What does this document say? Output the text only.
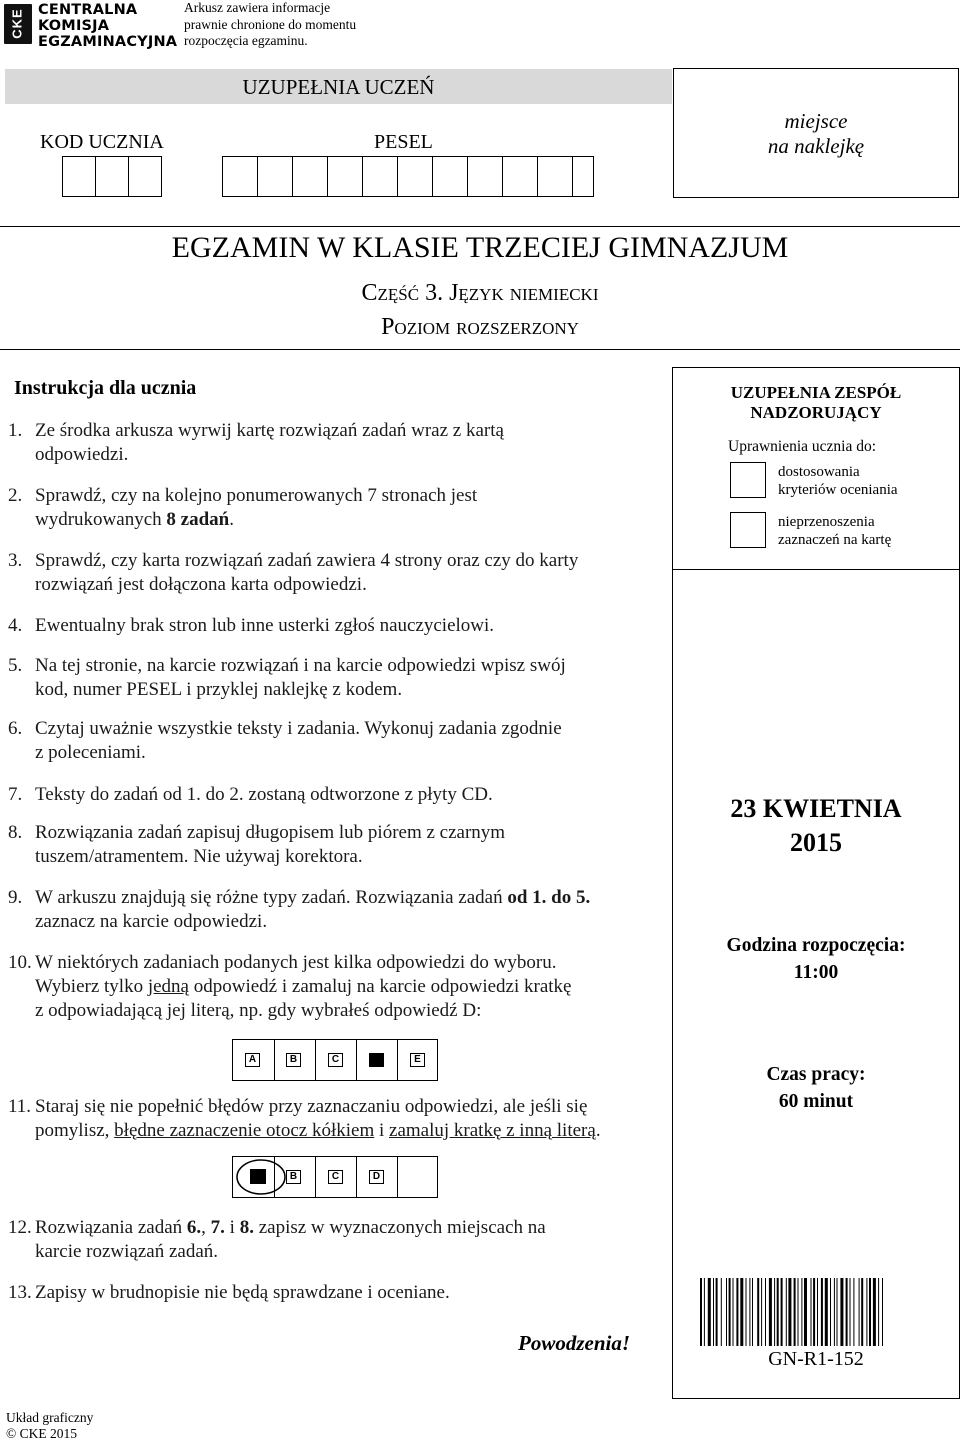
CKE CENTRALNA
KOMISJA
EGZAMINACYJNA
Arkusz zawiera informacje
prawnie chronione do momentu
rozpoczęcia egzaminu.
UZUPEŁNIA UCZEŃ
KOD UCZNIA	PESEL
miejsce
na naklejkę
EGZAMIN W KLASIE TRZECIEJ GIMNAZJUM
Część 3. Język niemiecki
Poziom rozszerzony
Instrukcja dla ucznia
1. Ze środka arkusza wyrwij kartę rozwiązań zadań wraz z kartą
odpowiedzi.
2. Sprawdź, czy na kolejno ponumerowanych 7 stronach jest
wydrukowanych 8 zadań.
3. Sprawdź, czy karta rozwiązań zadań zawiera 4 strony oraz czy do karty
rozwiązań jest dołączona karta odpowiedzi.
4. Ewentualny brak stron lub inne usterki zgłoś nauczycielowi.
5. Na tej stronie, na karcie rozwiązań i na karcie odpowiedzi wpisz swój
kod, numer PESEL i przyklej naklejkę z kodem.
6. Czytaj uważnie wszystkie teksty i zadania. Wykonuj zadania zgodnie
z poleceniami.
7. Teksty do zadań od 1. do 2. zostaną odtworzone z płyty CD.
8. Rozwiązania zadań zapisuj długopisem lub piórem z czarnym
tuszem/atramentem. Nie używaj korektora.
9. W arkuszu znajdują się różne typy zadań. Rozwiązania zadań od 1. do 5.
zaznacz na karcie odpowiedzi.
10. W niektórych zadaniach podanych jest kilka odpowiedzi do wyboru.
Wybierz tylko jedną odpowiedź i zamaluj na karcie odpowiedzi kratkę
z odpowiadającą jej literą, np. gdy wybrałeś odpowiedź D:
A	B	C	E
11. Staraj się nie popełnić błędów przy zaznaczaniu odpowiedzi, ale jeśli się
pomylisz, błędne zaznaczenie otocz kółkiem i zamaluj kratkę z inną literą.
B	C	D
12. Rozwiązania zadań 6., 7. i 8. zapisz w wyznaczonych miejscach na
karcie rozwiązań zadań.
13. Zapisy w brudnopisie nie będą sprawdzane i oceniane.
Powodzenia!
UZUPEŁNIA ZESPÓŁ
NADZORUJĄCY
Uprawnienia ucznia do:
dostosowania
kryteriów oceniania
nieprzenoszenia
zaznaczeń na kartę
23 KWIETNIA
2015
Godzina rozpoczęcia:
11:00
Czas pracy:
60 minut
GN-R1-152
Układ graficzny
© CKE 2015
